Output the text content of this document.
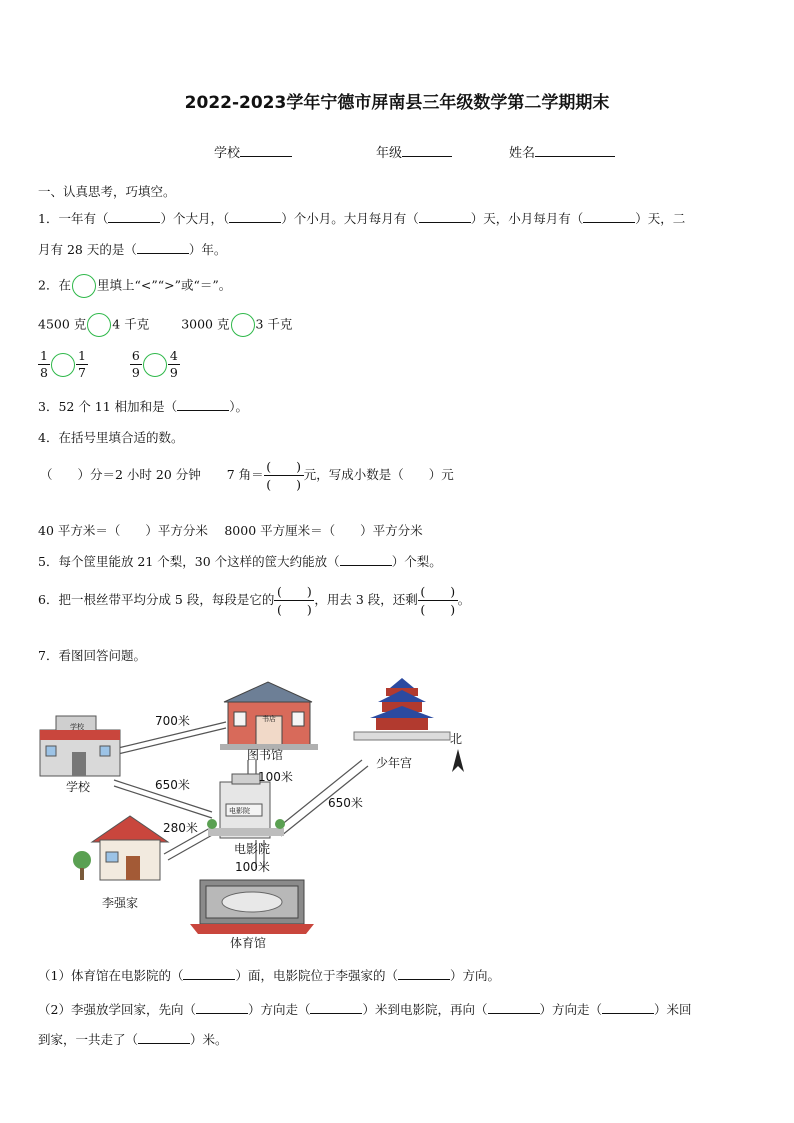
2022-2023学年宁德市屏南县三年级数学第二学期期末
学校	年级	姓名
一、认真思考，巧填空。
1．一年有（	）个大月，（	）个小月。大月每月有（	）天，小月每月有（	）天，二
月有 28 天的是（	）年。
2．在 里填上“<”“>”或“＝”。
4500 克 4 千克	3000 克 3 千克
$\frac{1}{8} \frac{1}{7}$
	$\frac{6}{9} \frac{4}{9}$
3．52 个 11 相加和是（	）。
4．在括号里填合适的数。
（　　）分＝2 小时 20 分钟 7 角＝ $\frac{( )}{( )}$ 元，写成小数是（　　）元
40 平方米＝（　　）平方分米　 8000 平方厘米＝（　　）平方分米
5．每个筐里能放 21 个梨，30 个这样的筐大约能放（	）个梨。
6．把一根丝带平均分成 5 段，每段是它的 $\frac{( )}{( )}$ ，用去 3 段，还剩 $\frac{( )}{( )}$ 。
7．看图回答问题。
700米
650米
100米
650米
280米
100米
学校
图书馆
少年宫
北
电影院
李强家
体育馆
电影院
学校
书店
（1）体育馆在电影院的（	）面，电影院位于李强家的（	）方向。
（2）李强放学回家，先向（	）方向走（	）米到电影院，再向（	）方向走（	）米回
到家，一共走了（	）米。
